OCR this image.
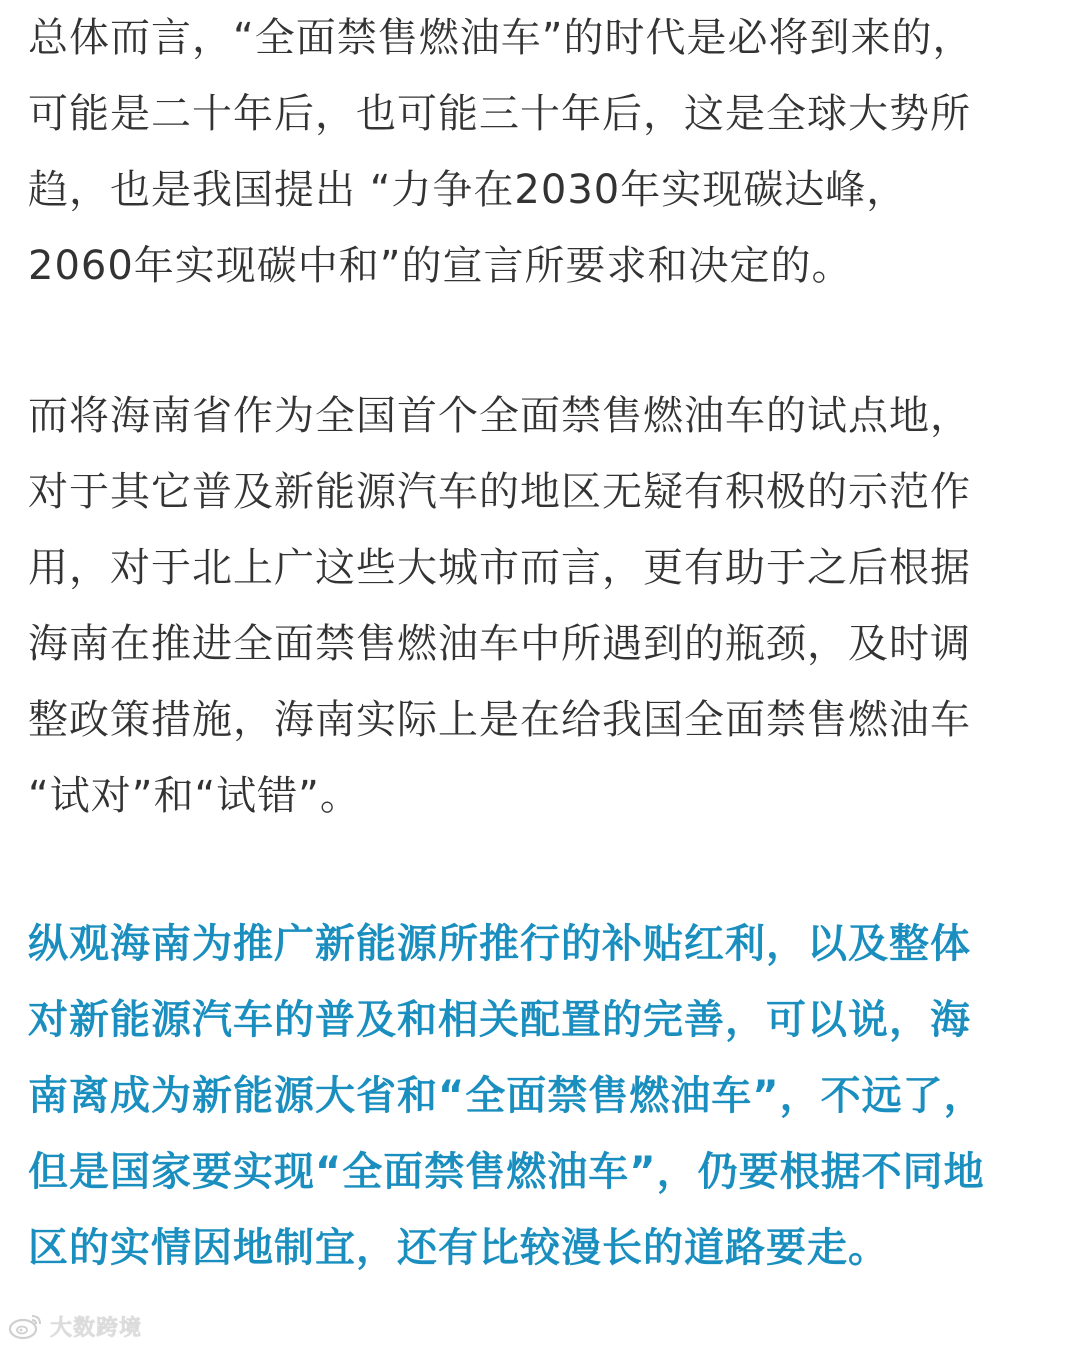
总体而言，“全面禁售燃油车”的时代是必将到来的，
可能是二十年后，也可能三十年后，这是全球大势所
趋，也是我国提出 “力争在2030年实现碳达峰，
2060年实现碳中和”的宣言所要求和决定的。
而将海南省作为全国首个全面禁售燃油车的试点地，
对于其它普及新能源汽车的地区无疑有积极的示范作
用，对于北上广这些大城市而言，更有助于之后根据
海南在推进全面禁售燃油车中所遇到的瓶颈，及时调
整政策措施，海南实际上是在给我国全面禁售燃油车
“试对”和“试错”。
纵观海南为推广新能源所推行的补贴红利，以及整体
对新能源汽车的普及和相关配置的完善，可以说，海
南离成为新能源大省和“全面禁售燃油车”，不远了，
但是国家要实现“全面禁售燃油车”，仍要根据不同地
区的实情因地制宜，还有比较漫长的道路要走。
大数跨境
